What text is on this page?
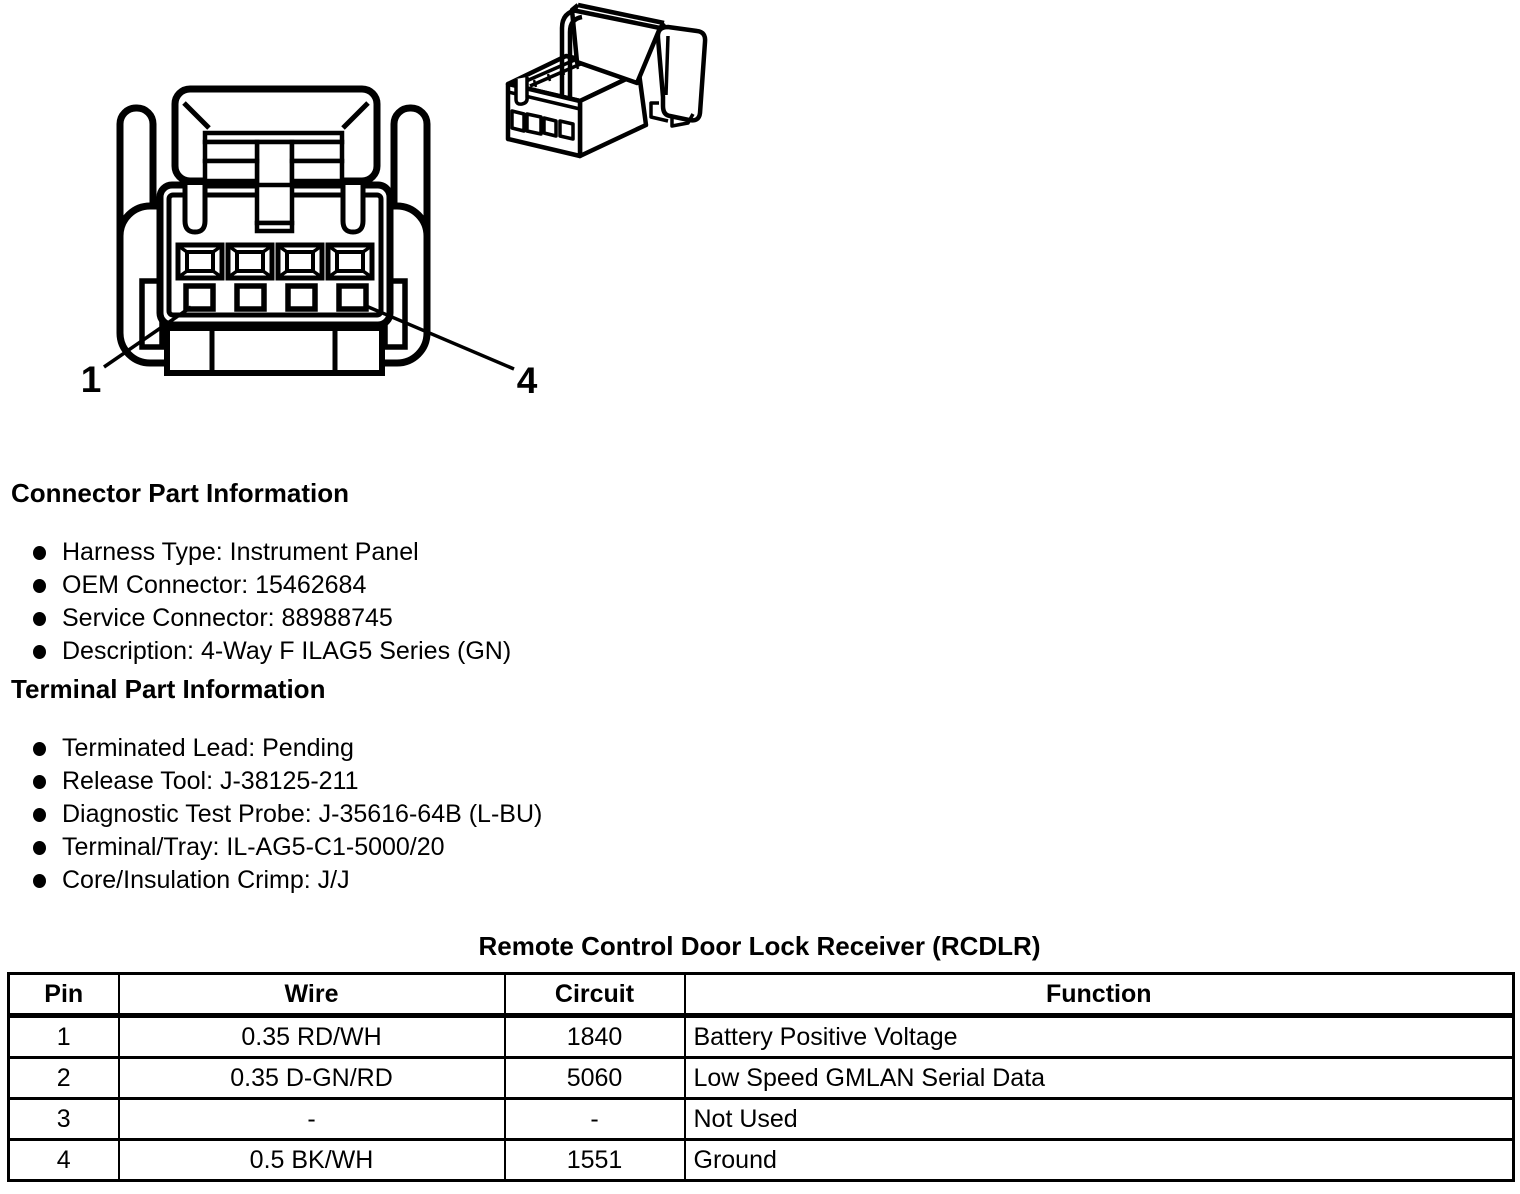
1	4
Connector Part Information
Harness Type: Instrument Panel
OEM Connector: 15462684
Service Connector: 88988745
Description: 4-Way F ILAG5 Series (GN)
Terminal Part Information
Terminated Lead: Pending
Release Tool: J-38125-211
Diagnostic Test Probe: J-35616-64B (L-BU)
Terminal/Tray: IL-AG5-C1-5000/20
Core/Insulation Crimp: J/J
Remote Control Door Lock Receiver (RCDLR)
Pin	Wire	Circuit	Function
1	0.35 RD/WH	1840	Battery Positive Voltage
2	0.35 D-GN/RD	5060	Low Speed GMLAN Serial Data
3	-	-	Not Used
4	0.5 BK/WH	1551	Ground
